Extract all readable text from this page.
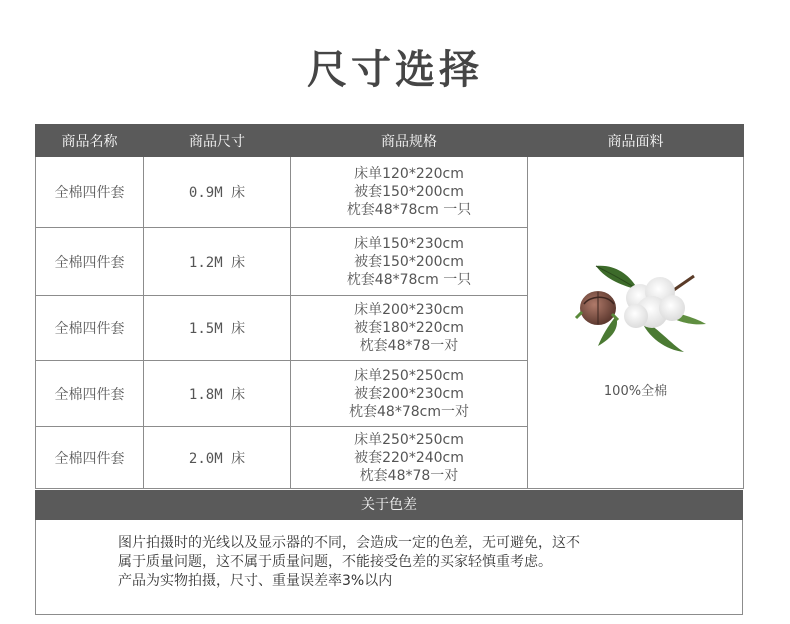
尺寸选择
商品名称	商品尺寸	商品规格	商品面料
全棉四件套	0.9M 床	床单120*220cm
被套150*200cm
枕套48*78cm 一只	100%全棉

全棉四件套	1.2M 床	床单150*230cm
被套150*200cm
枕套48*78cm 一只	

全棉四件套	1.5M 床	床单200*230cm
被套180*220cm
枕套48*78一对	

全棉四件套	1.8M 床	床单250*250cm
被套200*230cm
枕套48*78cm一对	

全棉四件套	2.0M 床	床单250*250cm
被套220*240cm
枕套48*78一对	
关于色差
图片拍摄时的光线以及显示器的不同，会造成一定的色差，无可避免，这不
属于质量问题，这不属于质量问题，不能接受色差的买家轻慎重考虑。
产品为实物拍摄，尺寸、重量误差率3%以内
